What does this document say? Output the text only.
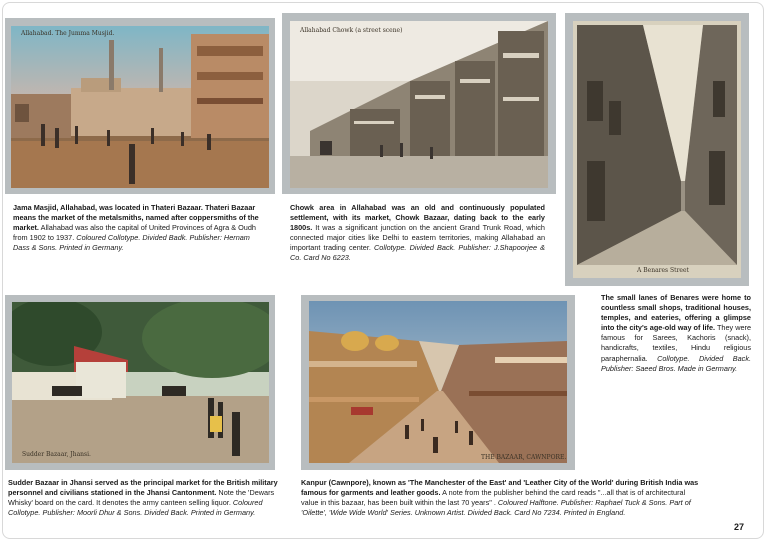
Allahabad. The Jumma Musjid.

Jama Masjid, Allahabad, was located in Thateri Bazaar. Thateri Bazaar means the market of the metalsmiths, named after coppersmiths of the market. Allahabad was also the capital of United Provinces of Agra & Oudh from 1902 to 1937. Coloured Collotype. Divided Badk. Publisher: Hernam Dass & Sons. Printed in Germany.

Allahabad Chowk (a street scene)

Chowk area in Allahabad was an old and continuously populated settlement, with its market, Chowk Bazaar, dating back to the early 1800s. It was a significant junction on the ancient Grand Trunk Road, which connected major cities like Delhi to eastern territories, making Allahabad an important trading center. Collotype. Divided Back. Publisher: J.Shapoorjee & Co. Card No 6223.

A Benares Street

The small lanes of Benares were home to countless small shops, traditional houses, temples, and eateries, offering a glimpse into the city's age-old way of life. They were famous for Sarees, Kachoris (snack), handicrafts, textiles, Hindu religious paraphernalia. Collotype. Divided Back. Publisher: Saeed Bros. Made in Germany.

Sudder Bazaar, Jhansi.

Sudder Bazaar in Jhansi served as the principal market for the British military personnel and civilians stationed in the Jhansi Cantonment. Note the 'Dewars Whisky' board on the card. It denotes the army canteen selling liquor. Coloured Collotype. Publisher: Moorli Dhur & Sons. Divided Back. Printed in Germany.

THE BAZAAR, CAWNPORE.

Kanpur (Cawnpore), known as 'The Manchester of the East' and 'Leather City of the World' during British India was famous for garments and leather goods. A note from the publisher behind the card reads "...all that is of architectural value in this bazaar, has been built within the last 70 years" . Coloured Halftone. Publisher: Raphael Tuck & Sons. Part of 'Oilette', 'Wide Wide World' Series. Unknown Artist. Divided Back. Card No 7234. Printed in England.

27
